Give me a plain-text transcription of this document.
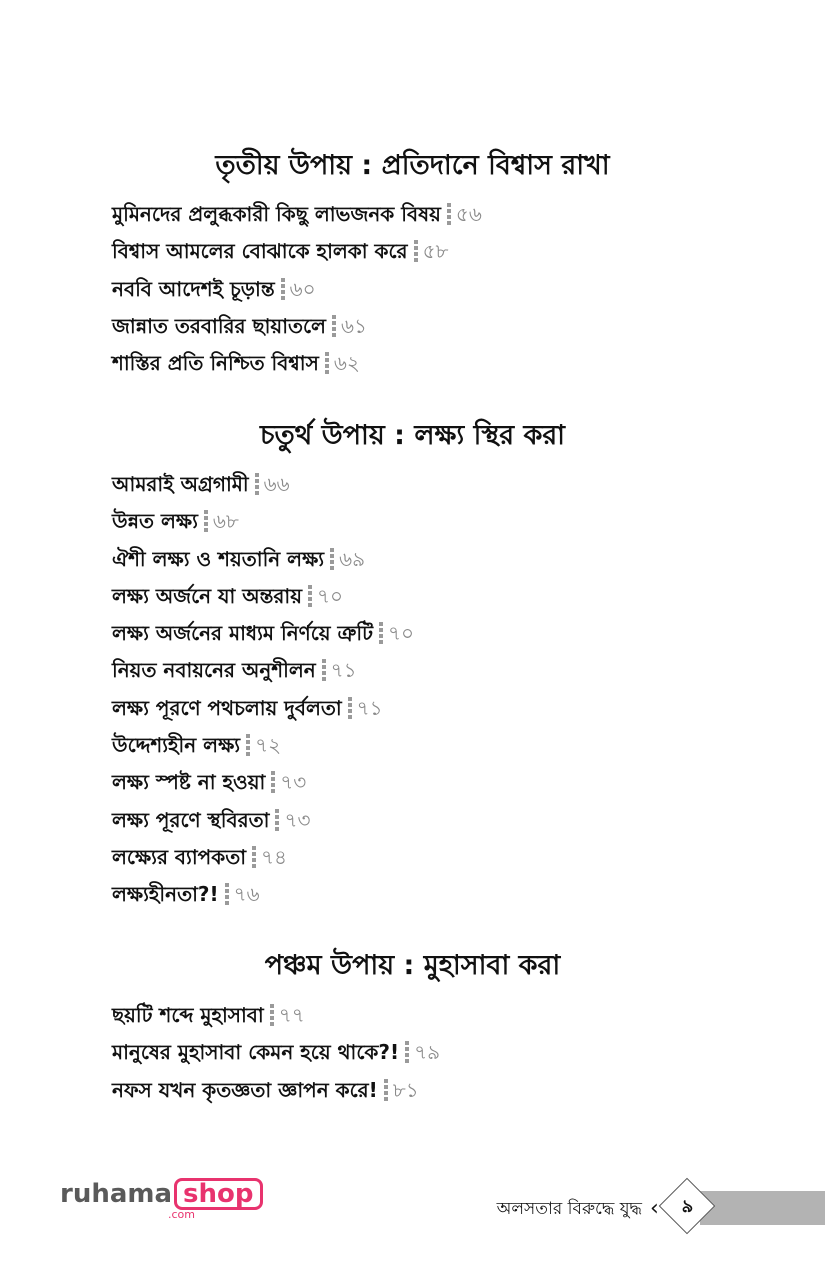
তৃতীয় উপায় : প্রতিদানে বিশ্বাস রাখা
মুমিনদের প্রলুব্ধকারী কিছু লাভজনক বিষয় ৫৬
বিশ্বাস আমলের বোঝাকে হালকা করে ৫৮
নববি আদেশই চূড়ান্ত ৬০
জান্নাত তরবারির ছায়াতলে ৬১
শাস্তির প্রতি নিশ্চিত বিশ্বাস ৬২
চতুর্থ উপায় : লক্ষ্য স্থির করা
আমরাই অগ্রগামী ৬৬
উন্নত লক্ষ্য ৬৮
ঐশী লক্ষ্য ও শয়তানি লক্ষ্য ৬৯
লক্ষ্য অর্জনে যা অন্তরায় ৭০
লক্ষ্য অর্জনের মাধ্যম নির্ণয়ে ত্রুটি ৭০
নিয়ত নবায়নের অনুশীলন ৭১
লক্ষ্য পূরণে পথচলায় দুর্বলতা ৭১
উদ্দেশ্যহীন লক্ষ্য ৭২
লক্ষ্য স্পষ্ট না হওয়া ৭৩
লক্ষ্য পূরণে স্থবিরতা ৭৩
লক্ষ্যের ব্যাপকতা ৭৪
লক্ষ্যহীনতা?! ৭৬
পঞ্চম উপায় : মুহাসাবা করা
ছয়টি শব্দে মুহাসাবা ৭৭
মানুষের মুহাসাবা কেমন হয়ে থাকে?! ৭৯
নফস যখন কৃতজ্ঞতা জ্ঞাপন করে! ৮১
ruhama shop
.com	অলসতার বিরুদ্ধে যুদ্ধ ‹	৯
